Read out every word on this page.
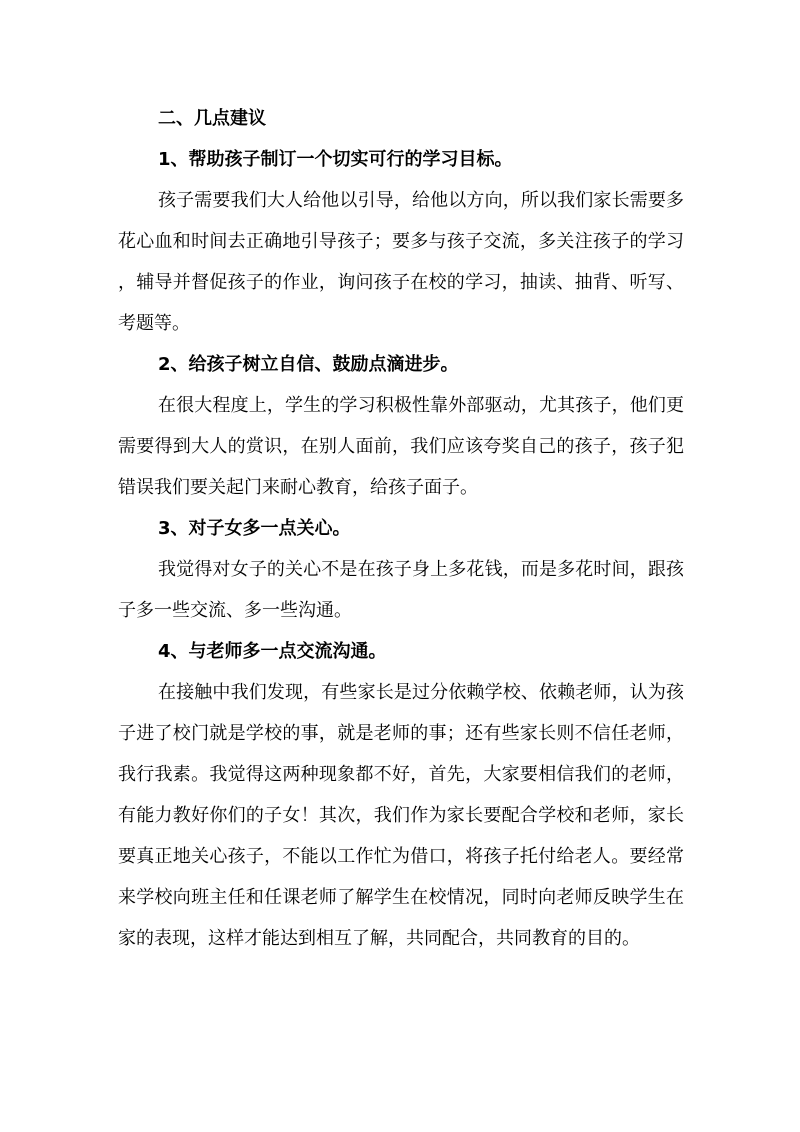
二、几点建议

1、帮助孩子制订一个切实可行的学习目标。

孩子需要我们大人给他以引导，给他以方向，所以我们家长需要多花心血和时间去正确地引导孩子；要多与孩子交流，多关注孩子的学习，辅导并督促孩子的作业，询问孩子在校的学习，抽读、抽背、听写、考题等。

2、给孩子树立自信、鼓励点滴进步。

在很大程度上，学生的学习积极性靠外部驱动，尤其孩子，他们更需要得到大人的赏识，在别人面前，我们应该夸奖自己的孩子，孩子犯错误我们要关起门来耐心教育，给孩子面子。

3、对子女多一点关心。

我觉得对女子的关心不是在孩子身上多花钱，而是多花时间，跟孩子多一些交流、多一些沟通。

4、与老师多一点交流沟通。

在接触中我们发现，有些家长是过分依赖学校、依赖老师，认为孩子进了校门就是学校的事，就是老师的事；还有些家长则不信任老师，我行我素。我觉得这两种现象都不好，首先，大家要相信我们的老师，有能力教好你们的子女！其次，我们作为家长要配合学校和老师，家长要真正地关心孩子，不能以工作忙为借口，将孩子托付给老人。要经常来学校向班主任和任课老师了解学生在校情况，同时向老师反映学生在家的表现，这样才能达到相互了解，共同配合，共同教育的目的。
